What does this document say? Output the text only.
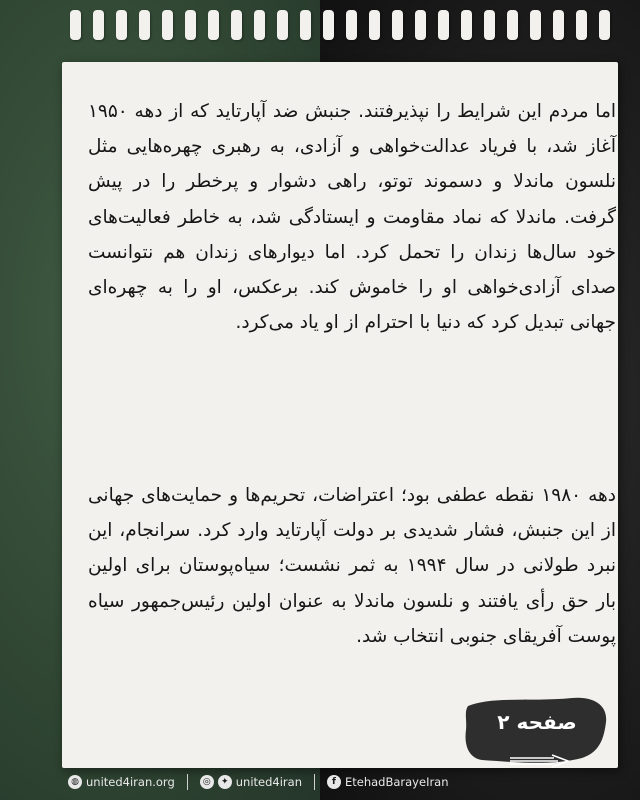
اما مردم این شرایط را نپذیرفتند. جنبش ضد آپارتاید که از دهه ۱۹۵۰ آغاز شد، با فریاد عدالت‌خواهی و آزادی، به رهبری چهره‌هایی مثل نلسون ماندلا و دسموند توتو، راهی دشوار و پرخطر را در پیش گرفت. ماندلا که نماد مقاومت و ایستادگی شد، به خاطر فعالیت‌های خود سال‌ها زندان را تحمل کرد. اما دیوارهای زندان هم نتوانست صدای آزادی‌خواهی او را خاموش کند. برعکس، او را به چهره‌ای جهانی تبدیل کرد که دنیا با احترام از او یاد می‌کرد.

دهه ۱۹۸۰ نقطه عطفی بود؛ اعتراضات، تحریم‌ها و حمایت‌های جهانی از این جنبش، فشار شدیدی بر دولت آپارتاید وارد کرد. سرانجام، این نبرد طولانی در سال ۱۹۹۴ به ثمر نشست؛ سیاه‌پوستان برای اولین بار حق رأی یافتند و نلسون ماندلا به عنوان اولین رئیس‌جمهور سیاه پوست آفریقای جنوبی انتخاب شد.

صفحه ۲
◍ united4iran.org	◎	✦ united4iran	f EtehadBarayeIran
